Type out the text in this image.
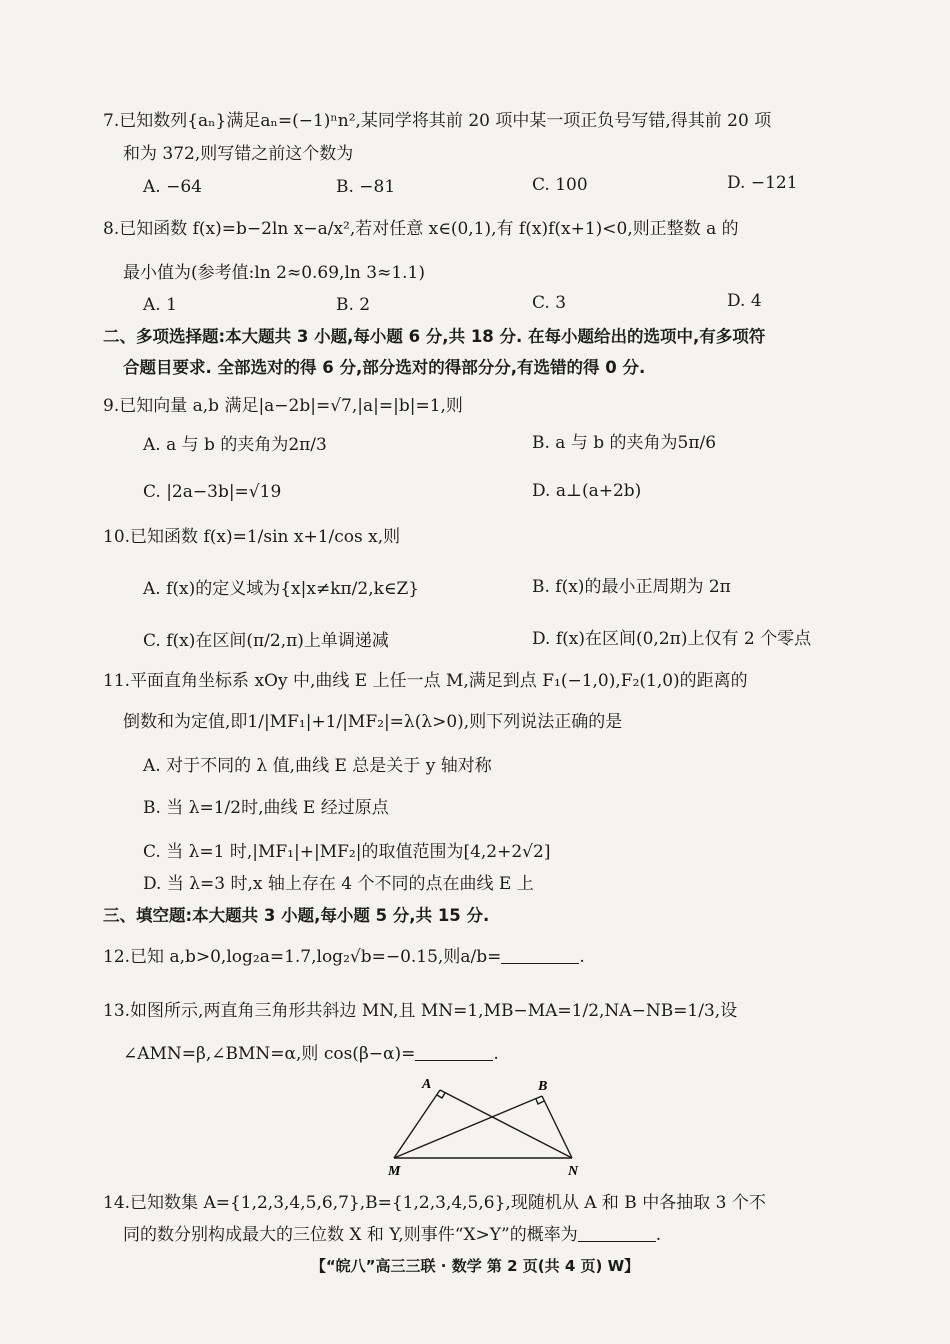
7.已知数列{aₙ}满足aₙ=(−1)ⁿn²,某同学将其前 20 项中某一项正负号写错,得其前 20 项
和为 372,则写错之前这个数为
A. −64	B. −81	C. 100	D. −121
8.已知函数 f(x)=b−2ln x−a/x²,若对任意 x∈(0,1),有 f(x)f(x+1)<0,则正整数 a 的
最小值为(参考值:ln 2≈0.69,ln 3≈1.1)
A. 1	B. 2	C. 3	D. 4
二、多项选择题:本大题共 3 小题,每小题 6 分,共 18 分. 在每小题给出的选项中,有多项符
合题目要求. 全部选对的得 6 分,部分选对的得部分分,有选错的得 0 分.
9.已知向量 a,b 满足|a−2b|=√7,|a|=|b|=1,则
A. a 与 b 的夹角为2π/3	B. a 与 b 的夹角为5π/6
C. |2a−3b|=√19	D. a⊥(a+2b)
10.已知函数 f(x)=1/sin x+1/cos x,则
A. f(x)的定义域为{x|x≠kπ/2,k∈Z}	B. f(x)的最小正周期为 2π
C. f(x)在区间(π/2,π)上单调递减	D. f(x)在区间(0,2π)上仅有 2 个零点
11.平面直角坐标系 xOy 中,曲线 E 上任一点 M,满足到点 F₁(−1,0),F₂(1,0)的距离的
倒数和为定值,即1/|MF₁|+1/|MF₂|=λ(λ>0),则下列说法正确的是
A. 对于不同的 λ 值,曲线 E 总是关于 y 轴对称
B. 当 λ=1/2时,曲线 E 经过原点
C. 当 λ=1 时,|MF₁|+|MF₂|的取值范围为[4,2+2√2]
D. 当 λ=3 时,x 轴上存在 4 个不同的点在曲线 E 上
三、填空题:本大题共 3 小题,每小题 5 分,共 15 分.
12.已知 a,b>0,log₂a=1.7,log₂√b=−0.15,则a/b=	.
13.如图所示,两直角三角形共斜边 MN,且 MN=1,MB−MA=1/2,NA−NB=1/3,设
∠AMN=β,∠BMN=α,则 cos(β−α)=	.
A	B
M	N
14.已知数集 A={1,2,3,4,5,6,7},B={1,2,3,4,5,6},现随机从 A 和 B 中各抽取 3 个不
同的数分别构成最大的三位数 X 和 Y,则事件“X>Y”的概率为	.
【“皖八”高三三联 · 数学 第 2 页(共 4 页) W】
